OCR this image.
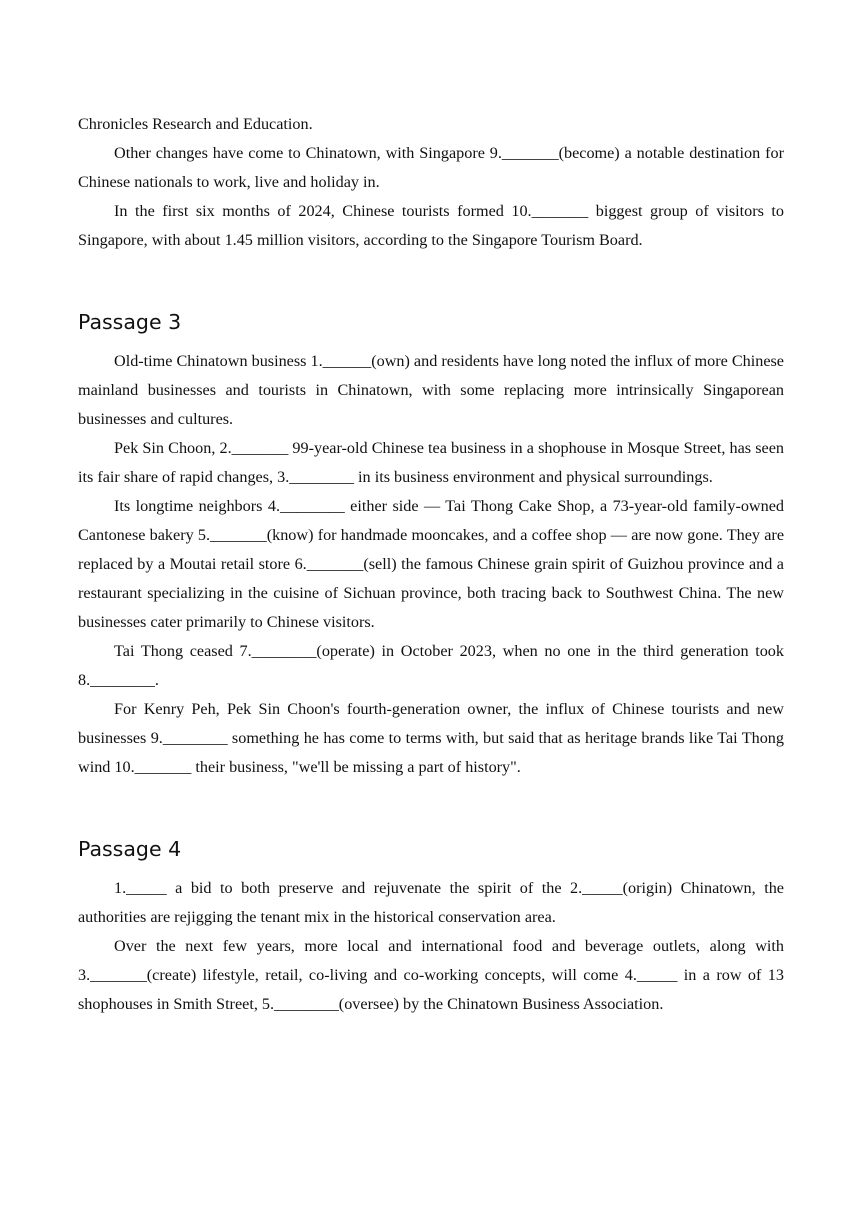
Chronicles Research and Education.

Other changes have come to Chinatown, with Singapore 9._______(become) a notable destination for Chinese nationals to work, live and holiday in.

In the first six months of 2024, Chinese tourists formed 10._______ biggest group of visitors to Singapore, with about 1.45 million visitors, according to the Singapore Tourism Board.

Passage 3

Old-time Chinatown business 1.______(own) and residents have long noted the influx of more Chinese mainland businesses and tourists in Chinatown, with some replacing more intrinsically Singaporean businesses and cultures.

Pek Sin Choon, 2._______ 99-year-old Chinese tea business in a shophouse in Mosque Street, has seen its fair share of rapid changes, 3.________ in its business environment and physical surroundings.

Its longtime neighbors 4.________ either side — Tai Thong Cake Shop, a 73-year-old family-owned Cantonese bakery 5._______(know) for handmade mooncakes, and a coffee shop — are now gone. They are replaced by a Moutai retail store 6._______(sell) the famous Chinese grain spirit of Guizhou province and a restaurant specializing in the cuisine of Sichuan province, both tracing back to Southwest China. The new businesses cater primarily to Chinese visitors.

Tai Thong ceased 7.________(operate) in October 2023, when no one in the third generation took 8.________.

For Kenry Peh, Pek Sin Choon's fourth-generation owner, the influx of Chinese tourists and new businesses 9.________ something he has come to terms with, but said that as heritage brands like Tai Thong wind 10._______ their business, "we'll be missing a part of history".

Passage 4

1._____ a bid to both preserve and rejuvenate the spirit of the 2._____(origin) Chinatown, the authorities are rejigging the tenant mix in the historical conservation area.

Over the next few years, more local and international food and beverage outlets, along with 3._______(create) lifestyle, retail, co-living and co-working concepts, will come 4._____ in a row of 13 shophouses in Smith Street, 5.________(oversee) by the Chinatown Business Association.
